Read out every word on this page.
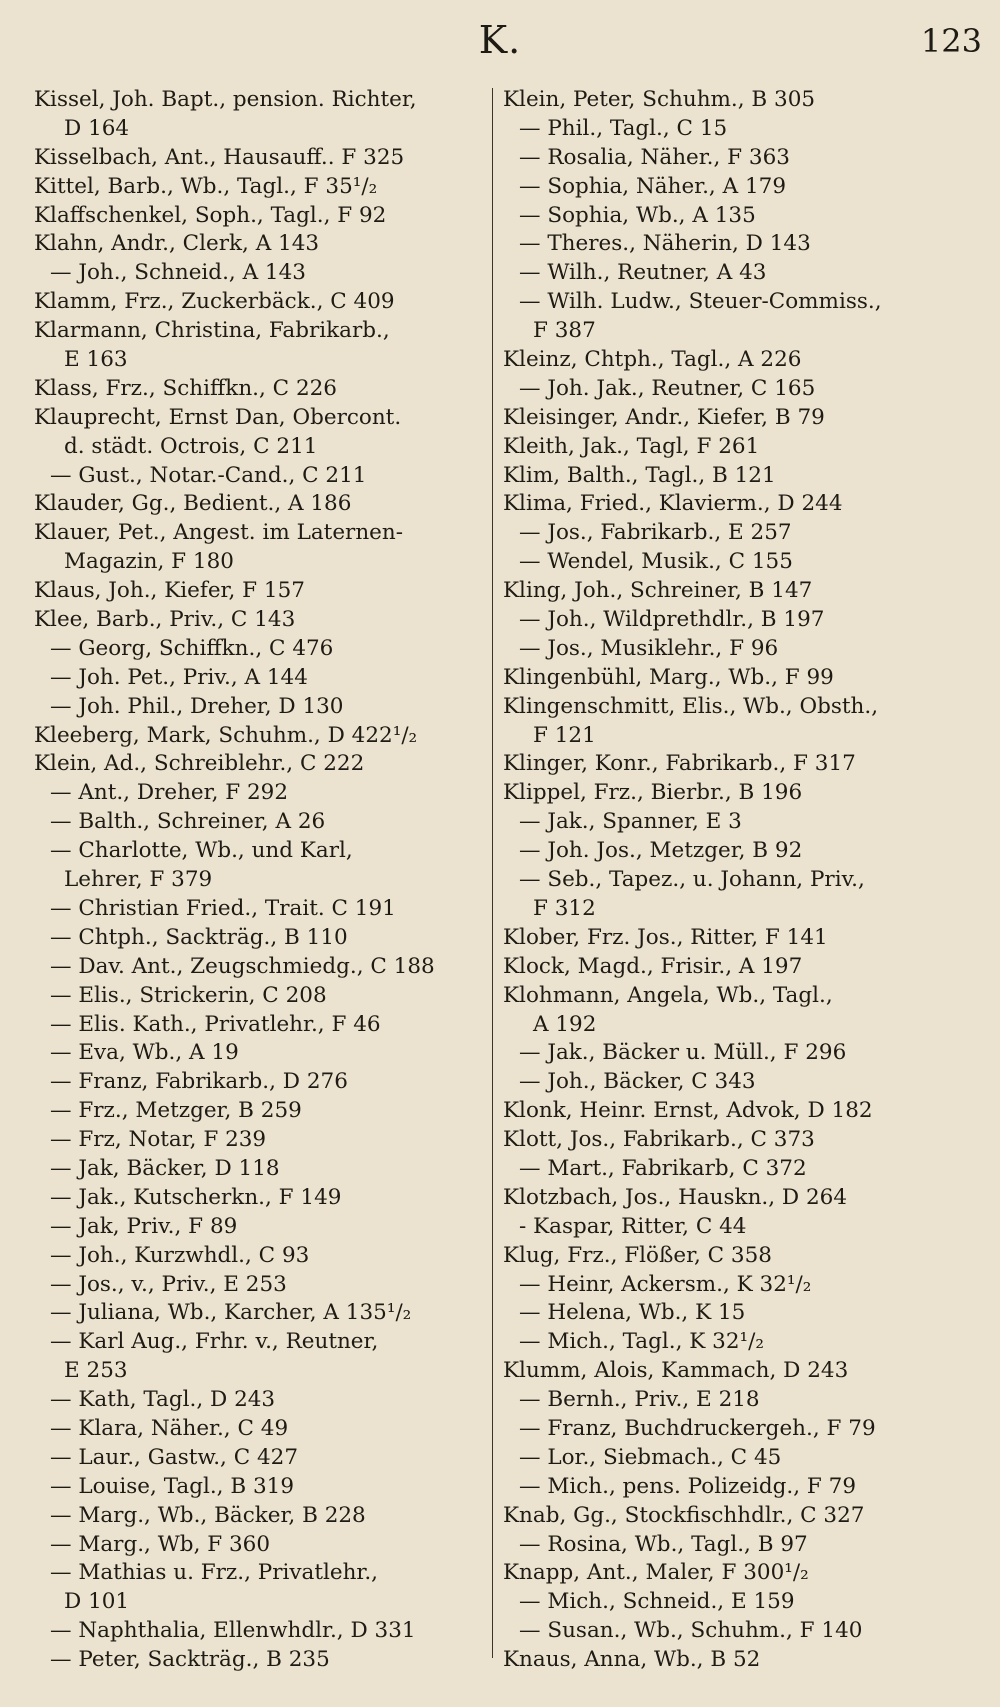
K.	123
Kissel, Joh. Bapt., pension. Richter,
D 164
Kisselbach, Ant., Hausauff.. F 325
Kittel, Barb., Wb., Tagl., F 35¹/₂
Klaffschenkel, Soph., Tagl., F 92
Klahn, Andr., Clerk, A 143
— Joh., Schneid., A 143
Klamm, Frz., Zuckerbäck., C 409
Klarmann, Christina, Fabrikarb.,
E 163
Klass, Frz., Schiffkn., C 226
Klauprecht, Ernst Dan, Obercont.
d. städt. Octrois, C 211
— Gust., Notar.-Cand., C 211
Klauder, Gg., Bedient., A 186
Klauer, Pet., Angest. im Laternen-
Magazin, F 180
Klaus, Joh., Kiefer, F 157
Klee, Barb., Priv., C 143
— Georg, Schiffkn., C 476
— Joh. Pet., Priv., A 144
— Joh. Phil., Dreher, D 130
Kleeberg, Mark, Schuhm., D 422¹/₂
Klein, Ad., Schreiblehr., C 222
— Ant., Dreher, F 292
— Balth., Schreiner, A 26
— Charlotte, Wb., und Karl,
Lehrer, F 379
— Christian Fried., Trait. C 191
— Chtph., Sackträg., B 110
— Dav. Ant., Zeugschmiedg., C 188
— Elis., Strickerin, C 208
— Elis. Kath., Privatlehr., F 46
— Eva, Wb., A 19
— Franz, Fabrikarb., D 276
— Frz., Metzger, B 259
— Frz, Notar, F 239
— Jak, Bäcker, D 118
— Jak., Kutscherkn., F 149
— Jak, Priv., F 89
— Joh., Kurzwhdl., C 93
— Jos., v., Priv., E 253
— Juliana, Wb., Karcher, A 135¹/₂
— Karl Aug., Frhr. v., Reutner,
E 253
— Kath, Tagl., D 243
— Klara, Näher., C 49
— Laur., Gastw., C 427
— Louise, Tagl., B 319
— Marg., Wb., Bäcker, B 228
— Marg., Wb, F 360
— Mathias u. Frz., Privatlehr.,
D 101
— Naphthalia, Ellenwhdlr., D 331
— Peter, Sackträg., B 235
Klein, Peter, Schuhm., B 305
— Phil., Tagl., C 15
— Rosalia, Näher., F 363
— Sophia, Näher., A 179
— Sophia, Wb., A 135
— Theres., Näherin, D 143
— Wilh., Reutner, A 43
— Wilh. Ludw., Steuer-Commiss.,
F 387
Kleinz, Chtph., Tagl., A 226
— Joh. Jak., Reutner, C 165
Kleisinger, Andr., Kiefer, B 79
Kleith, Jak., Tagl, F 261
Klim, Balth., Tagl., B 121
Klima, Fried., Klavierm., D 244
— Jos., Fabrikarb., E 257
— Wendel, Musik., C 155
Kling, Joh., Schreiner, B 147
— Joh., Wildprethdlr., B 197
— Jos., Musiklehr., F 96
Klingenbühl, Marg., Wb., F 99
Klingenschmitt, Elis., Wb., Obsth.,
F 121
Klinger, Konr., Fabrikarb., F 317
Klippel, Frz., Bierbr., B 196
— Jak., Spanner, E 3
— Joh. Jos., Metzger, B 92
— Seb., Tapez., u. Johann, Priv.,
F 312
Klober, Frz. Jos., Ritter, F 141
Klock, Magd., Frisir., A 197
Klohmann, Angela, Wb., Tagl.,
A 192
— Jak., Bäcker u. Müll., F 296
— Joh., Bäcker, C 343
Klonk, Heinr. Ernst, Advok, D 182
Klott, Jos., Fabrikarb., C 373
— Mart., Fabrikarb, C 372
Klotzbach, Jos., Hauskn., D 264
- Kaspar, Ritter, C 44
Klug, Frz., Flößer, C 358
— Heinr, Ackersm., K 32¹/₂
— Helena, Wb., K 15
— Mich., Tagl., K 32¹/₂
Klumm, Alois, Kammach, D 243
— Bernh., Priv., E 218
— Franz, Buchdruckergeh., F 79
— Lor., Siebmach., C 45
— Mich., pens. Polizeidg., F 79
Knab, Gg., Stockfischhdlr., C 327
— Rosina, Wb., Tagl., B 97
Knapp, Ant., Maler, F 300¹/₂
— Mich., Schneid., E 159
— Susan., Wb., Schuhm., F 140
Knaus, Anna, Wb., B 52
